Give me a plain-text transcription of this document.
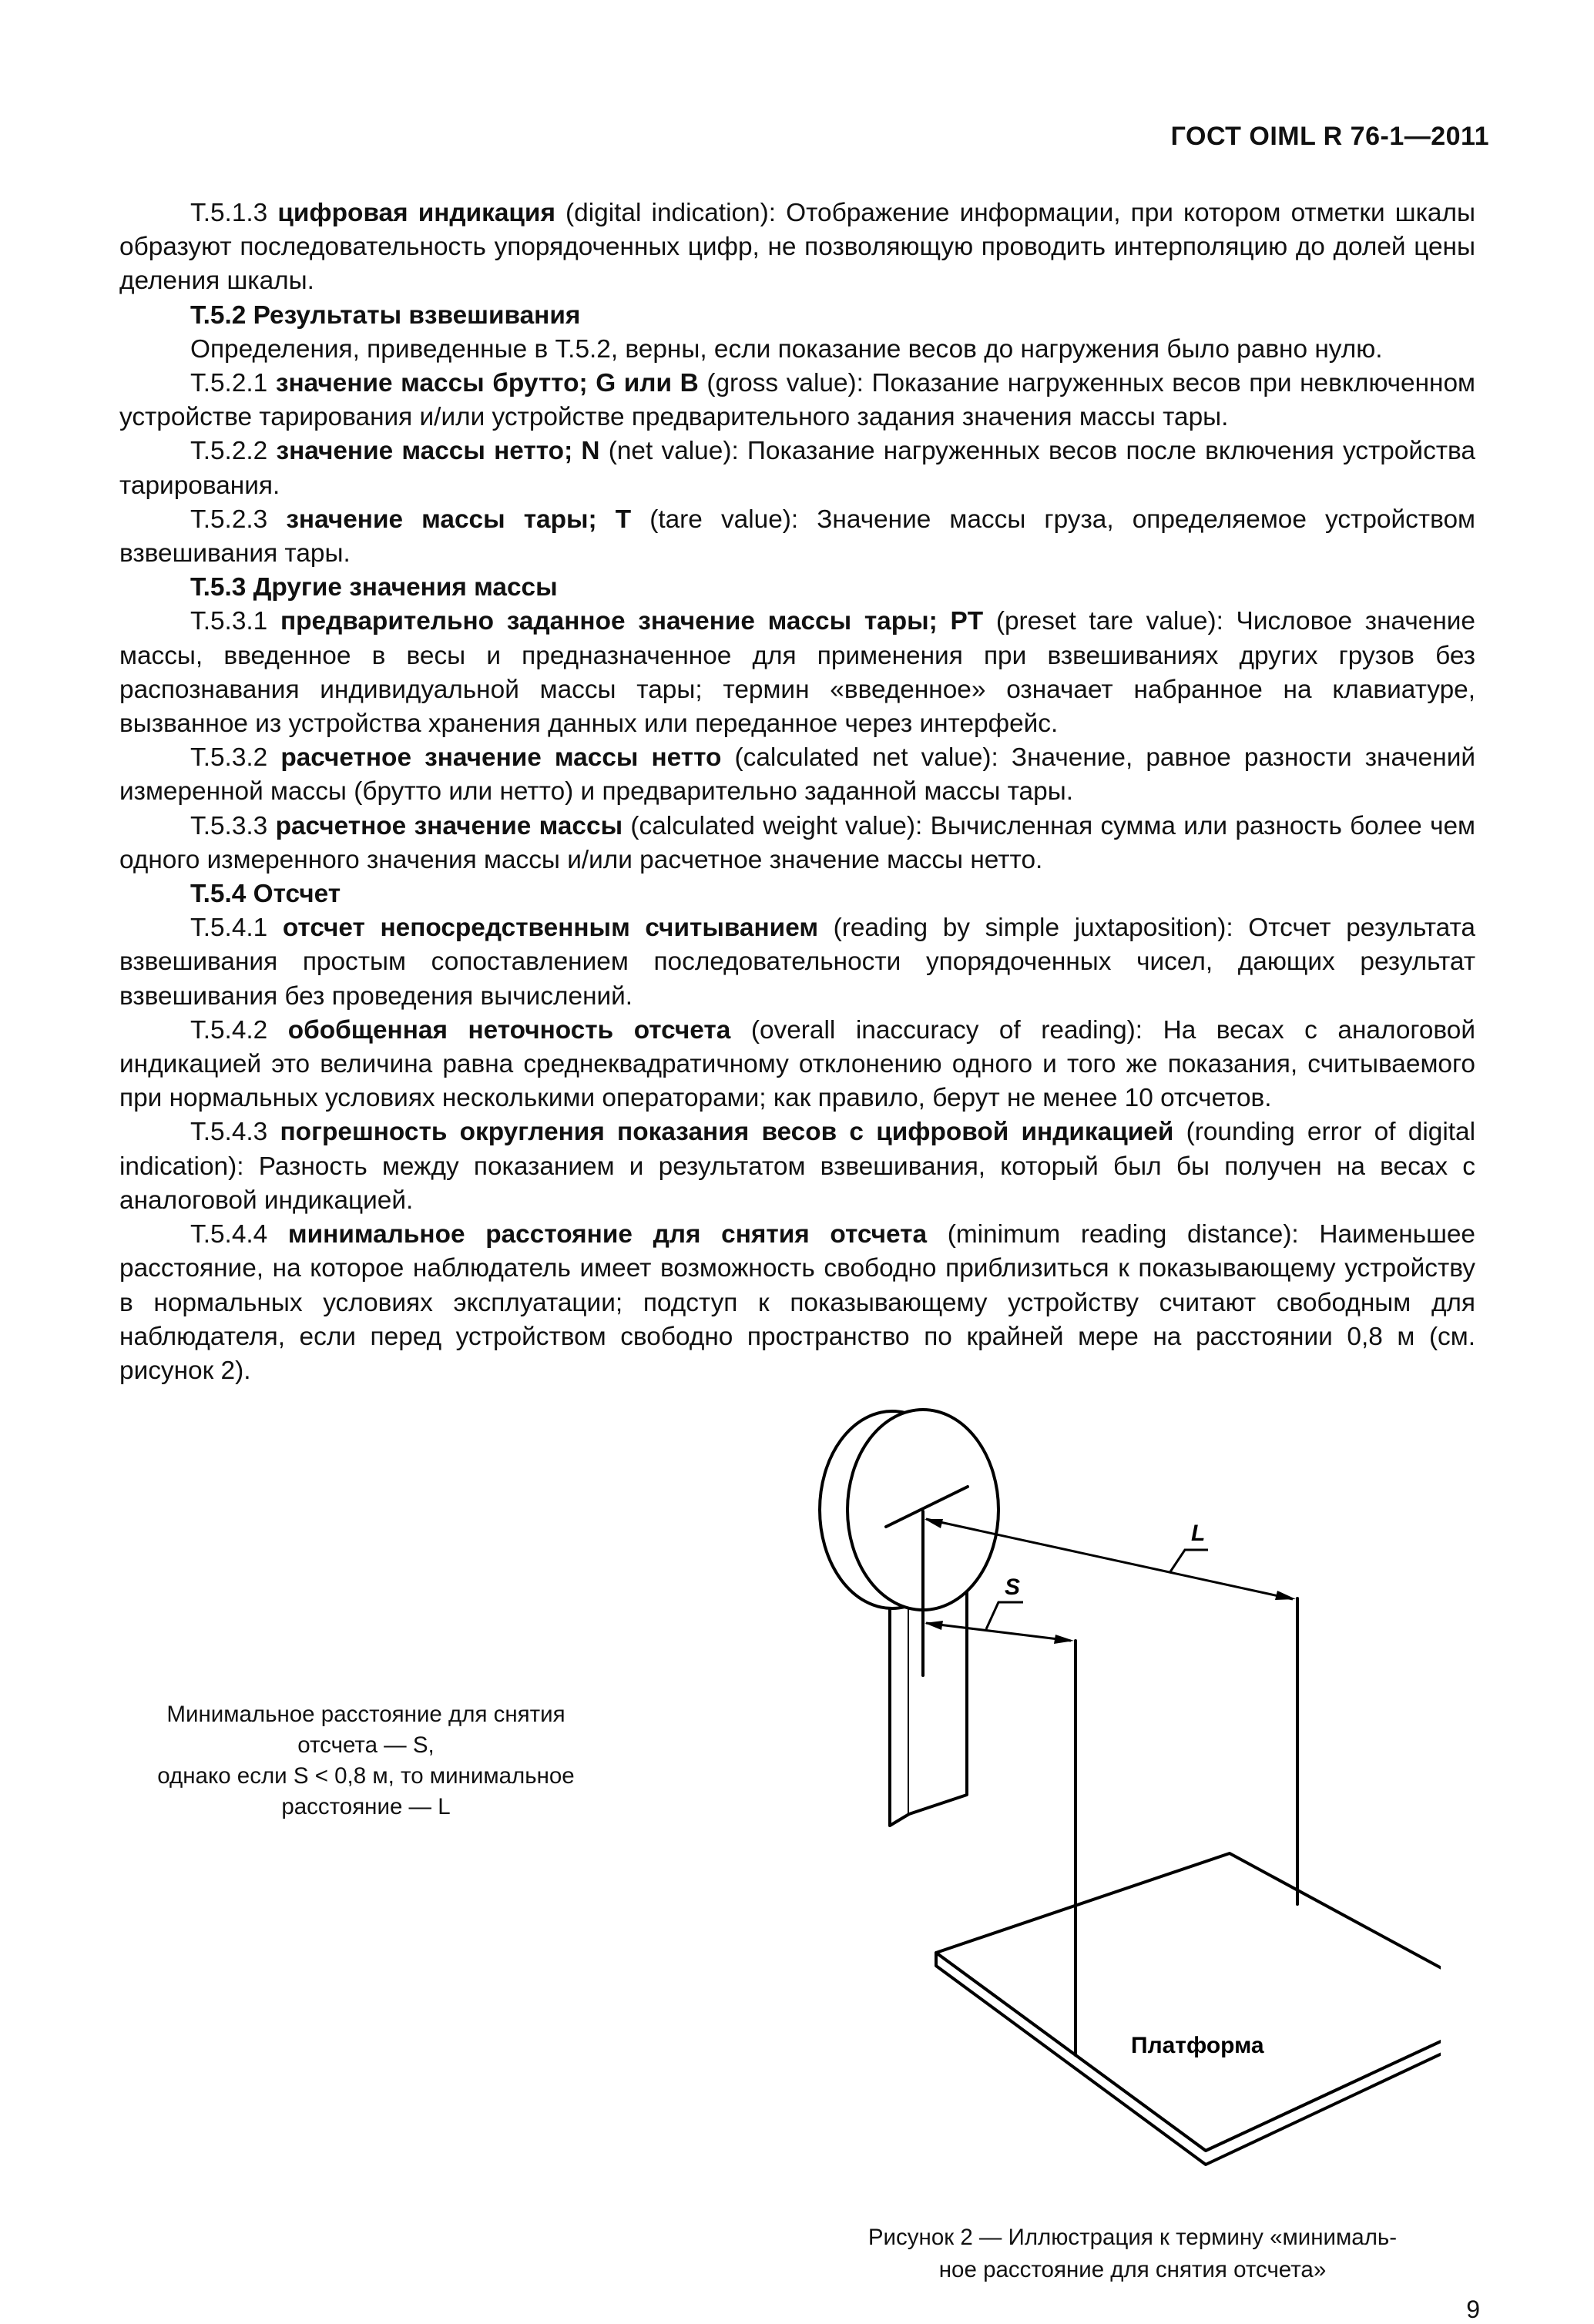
ГОСТ OIML R 76-1—2011

Т.5.1.3 цифровая индикация (digital indication): Отображение информации, при котором отметки шкалы образуют последовательность упорядоченных цифр, не позволяющую проводить интерполяцию до долей цены деления шкалы.

Т.5.2 Результаты взвешивания

Определения, приведенные в Т.5.2, верны, если показание весов до нагружения было равно нулю.

Т.5.2.1 значение массы брутто; G или B (gross value): Показание нагруженных весов при невключенном устройстве тарирования и/или устройстве предварительного задания значения массы тары.

Т.5.2.2 значение массы нетто; N (net value): Показание нагруженных весов после включения устройства тарирования.

Т.5.2.3 значение массы тары; T (tare value): Значение массы груза, определяемое устройством взвешивания тары.

Т.5.3 Другие значения массы

Т.5.3.1 предварительно заданное значение массы тары; PT (preset tare value): Числовое значение массы, введенное в весы и предназначенное для применения при взвешиваниях других грузов без распознавания индивидуальной массы тары; термин «введенное» означает набранное на клавиатуре, вызванное из устройства хранения данных или переданное через интерфейс.

Т.5.3.2 расчетное значение массы нетто (calculated net value): Значение, равное разности значений измеренной массы (брутто или нетто) и предварительно заданной массы тары.

Т.5.3.3 расчетное значение массы (calculated weight value): Вычисленная сумма или разность более чем одного измеренного значения массы и/или расчетное значение массы нетто.

Т.5.4 Отсчет

Т.5.4.1 отсчет непосредственным считыванием (reading by simple juxtaposition): Отсчет результата взвешивания простым сопоставлением последовательности упорядоченных чисел, дающих результат взвешивания без проведения вычислений.

Т.5.4.2 обобщенная неточность отсчета (overall inaccuracy of reading): На весах с аналоговой индикацией это величина равна среднеквадратичному отклонению одного и того же показания, считываемого при нормальных условиях несколькими операторами; как правило, берут не менее 10 отсчетов.

Т.5.4.3 погрешность округления показания весов с цифровой индикацией (rounding error of digital indication): Разность между показанием и результатом взвешивания, который был бы получен на весах с аналоговой индикацией.

Т.5.4.4 минимальное расстояние для снятия отсчета (minimum reading distance): Наименьшее расстояние, на которое наблюдатель имеет возможность свободно приблизиться к показывающему устройству в нормальных условиях эксплуатации; подступ к показывающему устройству считают свободным для наблюдателя, если перед устройством свободно пространство по крайней мере на расстоянии 0,8 м (см. рисунок 2).

Минимальное расстояние для снятия
отсчета — S,
однако если S < 0,8 м, то минимальное
расстояние — L
S
L
Платформа
Рисунок 2 — Иллюстрация к термину «минималь-
ное расстояние для снятия отсчета»
9
